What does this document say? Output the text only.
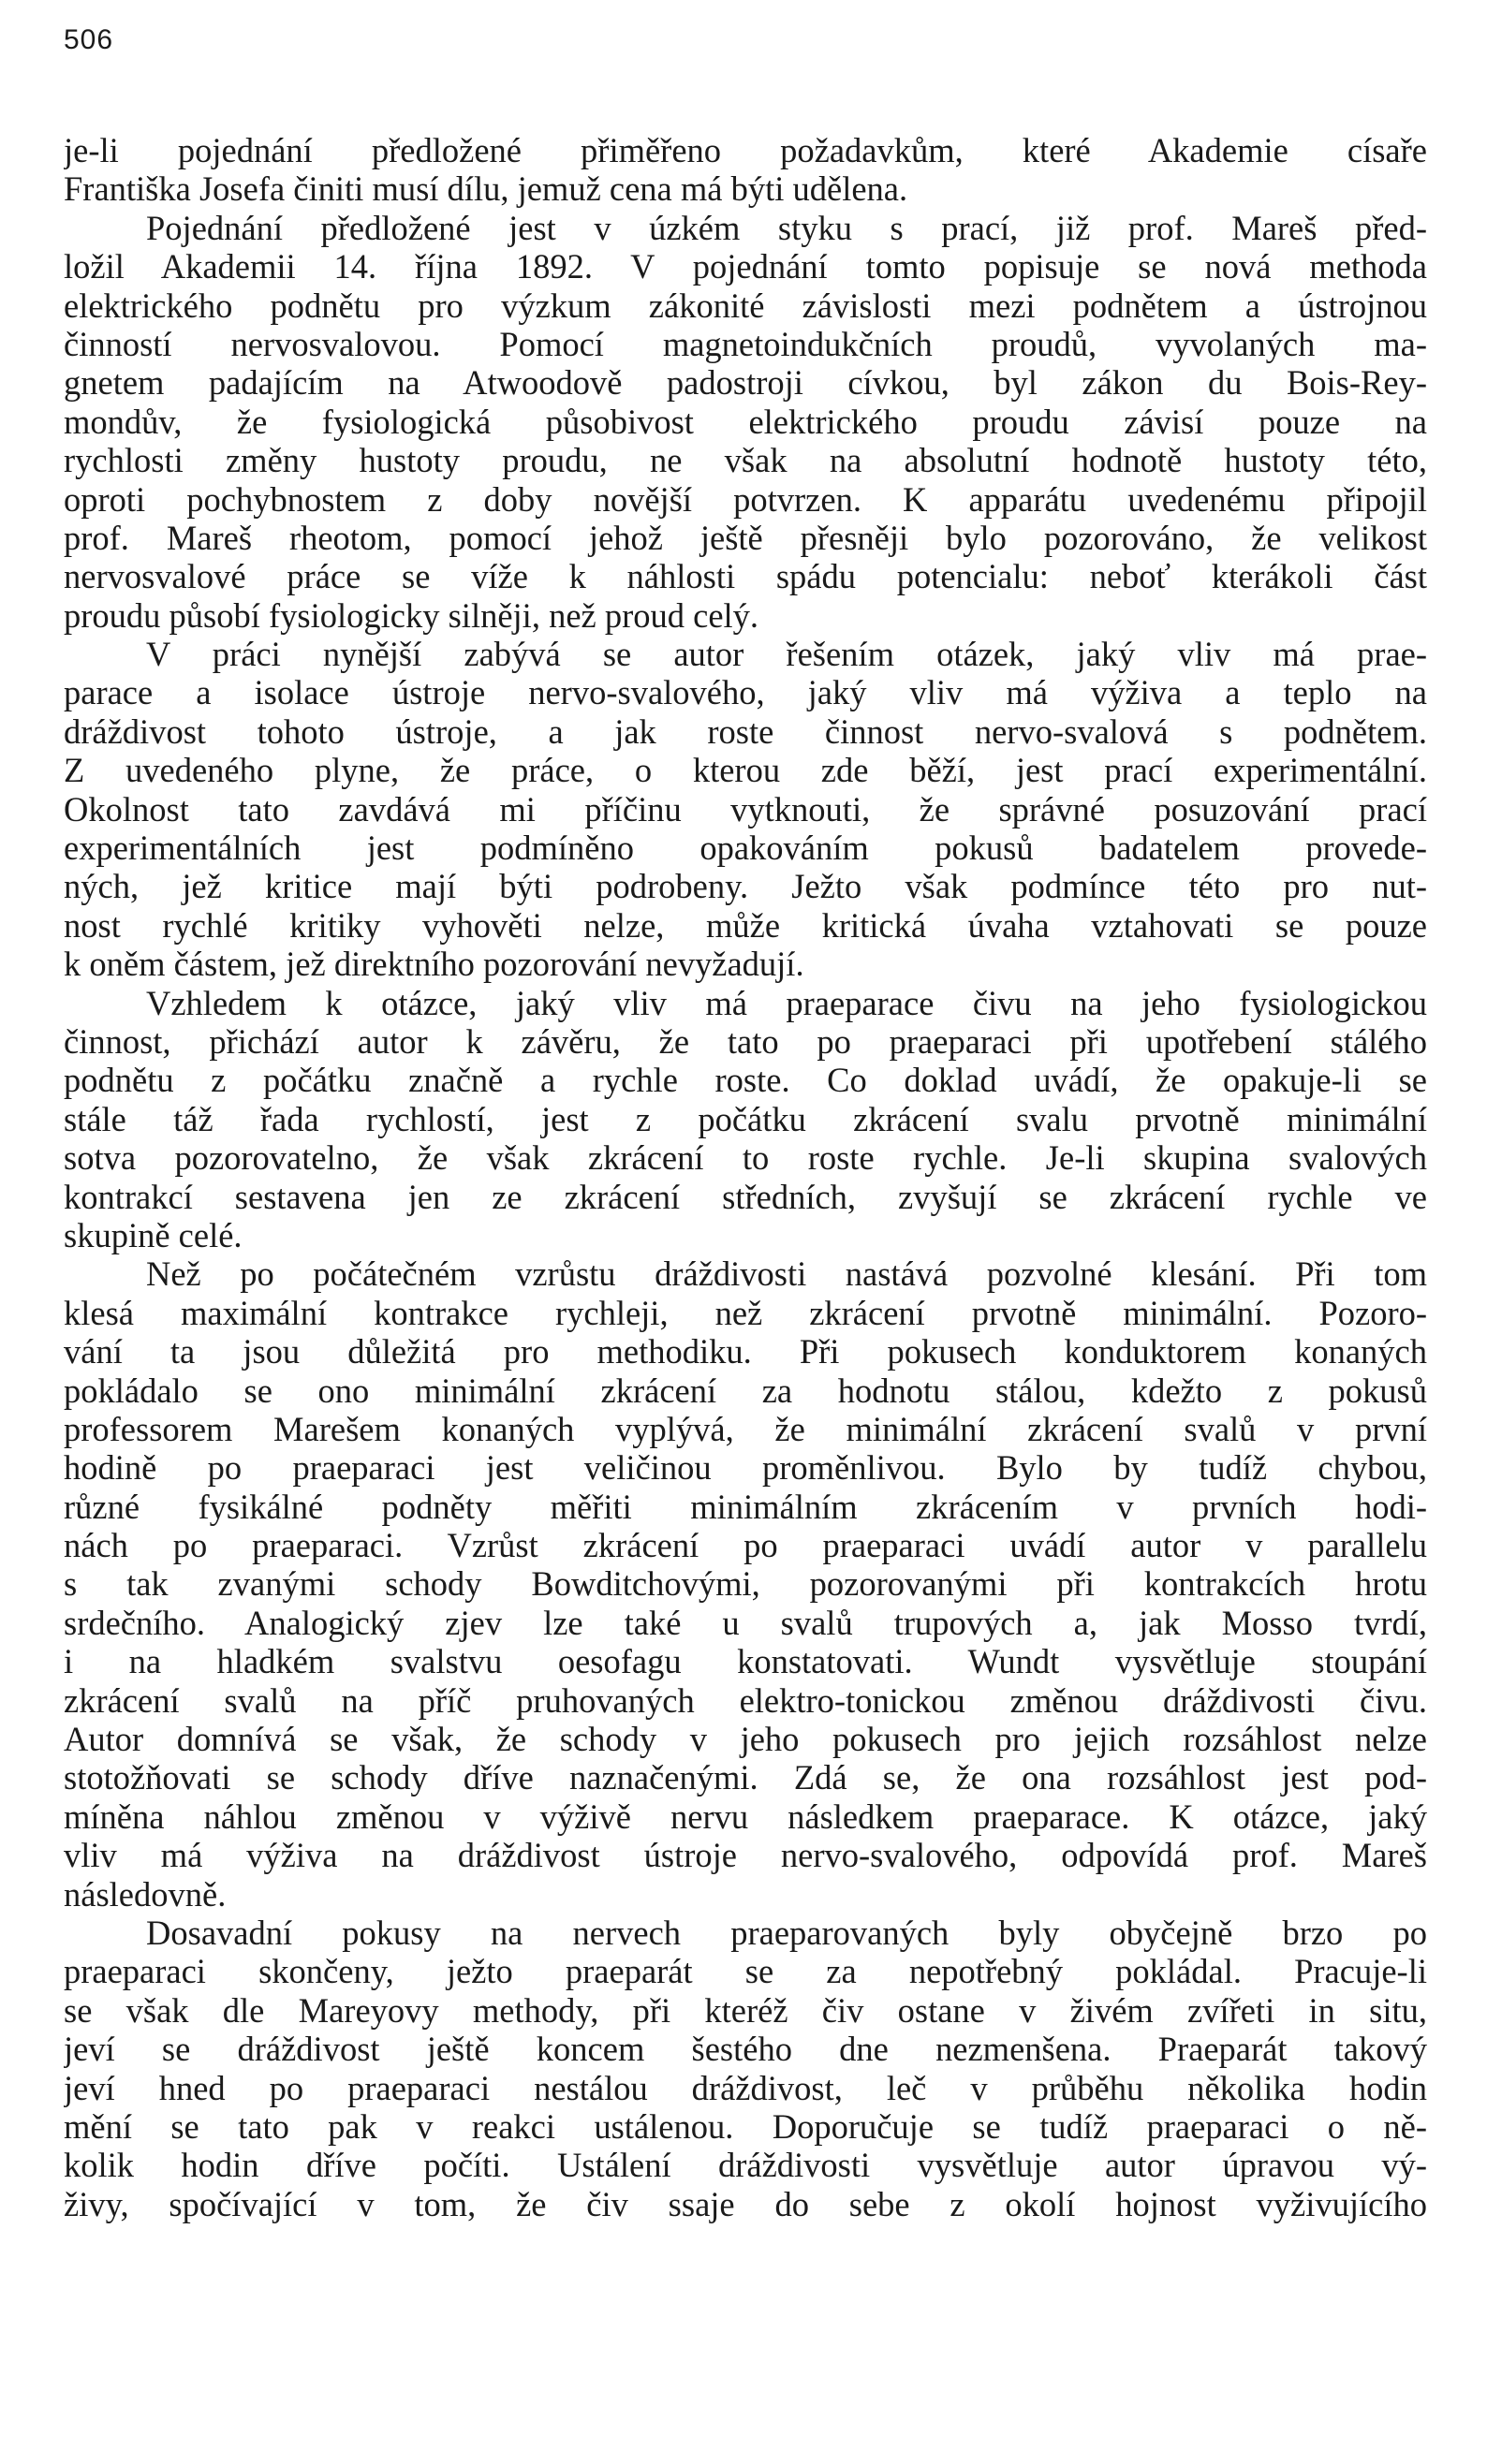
506
je-li pojednání předložené přiměřeno požadavkům, které Akademie císaře
Františka Josefa činiti musí dílu, jemuž cena má býti udělena.
Pojednání předložené jest v úzkém styku s prací, již prof. Mareš před-
ložil Akademii 14. října 1892. V pojednání tomto popisuje se nová methoda
elektrického podnětu pro výzkum zákonité závislosti mezi podnětem a ústrojnou
činností nervosvalovou. Pomocí magnetoindukčních proudů, vyvolaných ma-
gnetem padajícím na Atwoodově padostroji cívkou, byl zákon du Bois-Rey-
mondův, že fysiologická působivost elektrického proudu závisí pouze na
rychlosti změny hustoty proudu, ne však na absolutní hodnotě hustoty této,
oproti pochybnostem z doby novější potvrzen. K apparátu uvedenému připojil
prof. Mareš rheotom, pomocí jehož ještě přesněji bylo pozorováno, že velikost
nervosvalové práce se víže k náhlosti spádu potencialu: neboť kterákoli část
proudu působí fysiologicky silněji, než proud celý.
V práci nynější zabývá se autor řešením otázek, jaký vliv má prae-
parace a isolace ústroje nervo-svalového, jaký vliv má výživa a teplo na
dráždivost tohoto ústroje, a jak roste činnost nervo-svalová s podnětem.
Z uvedeného plyne, že práce, o kterou zde běží, jest prací experimentální.
Okolnost tato zavdává mi příčinu vytknouti, že správné posuzování prací
experimentálních jest podmíněno opakováním pokusů badatelem provede-
ných, jež kritice mají býti podrobeny. Ježto však podmínce této pro nut-
nost rychlé kritiky vyhověti nelze, může kritická úvaha vztahovati se pouze
k oněm částem, jež direktního pozorování nevyžadují.
Vzhledem k otázce, jaký vliv má praeparace čivu na jeho fysiologickou
činnost, přichází autor k závěru, že tato po praeparaci při upotřebení stálého
podnětu z počátku značně a rychle roste. Co doklad uvádí, že opakuje-li se
stále táž řada rychlostí, jest z počátku zkrácení svalu prvotně minimální
sotva pozorovatelno, že však zkrácení to roste rychle. Je-li skupina svalových
kontrakcí sestavena jen ze zkrácení středních, zvyšují se zkrácení rychle ve
skupině celé.
Než po počátečném vzrůstu dráždivosti nastává pozvolné klesání. Při tom
klesá maximální kontrakce rychleji, než zkrácení prvotně minimální. Pozoro-
vání ta jsou důležitá pro methodiku. Při pokusech konduktorem konaných
pokládalo se ono minimální zkrácení za hodnotu stálou, kdežto z pokusů
professorem Marešem konaných vyplývá, že minimální zkrácení svalů v první
hodině po praeparaci jest veličinou proměnlivou. Bylo by tudíž chybou,
různé fysikálné podněty měřiti minimálním zkrácením v prvních hodi-
nách po praeparaci. Vzrůst zkrácení po praeparaci uvádí autor v parallelu
s tak zvanými schody Bowditchovými, pozorovanými při kontrakcích hrotu
srdečního. Analogický zjev lze také u svalů trupových a, jak Mosso tvrdí,
i na hladkém svalstvu oesofagu konstatovati. Wundt vysvětluje stoupání
zkrácení svalů na příč pruhovaných elektro-tonickou změnou dráždivosti čivu.
Autor domnívá se však, že schody v jeho pokusech pro jejich rozsáhlost nelze
stotožňovati se schody dříve naznačenými. Zdá se, že ona rozsáhlost jest pod-
míněna náhlou změnou v výživě nervu následkem praeparace. K otázce, jaký
vliv má výživa na dráždivost ústroje nervo-svalového, odpovídá prof. Mareš
následovně.
Dosavadní pokusy na nervech praeparovaných byly obyčejně brzo po
praeparaci skončeny, ježto praeparát se za nepotřebný pokládal. Pracuje-li
se však dle Mareyovy methody, při kteréž čiv ostane v živém zvířeti in situ,
jeví se dráždivost ještě koncem šestého dne nezmenšena. Praeparát takový
jeví hned po praeparaci nestálou dráždivost, leč v průběhu několika hodin
mění se tato pak v reakci ustálenou. Doporučuje se tudíž praeparaci o ně-
kolik hodin dříve počíti. Ustálení dráždivosti vysvětluje autor úpravou vý-
živy, spočívající v tom, že čiv ssaje do sebe z okolí hojnost vyživujícího
